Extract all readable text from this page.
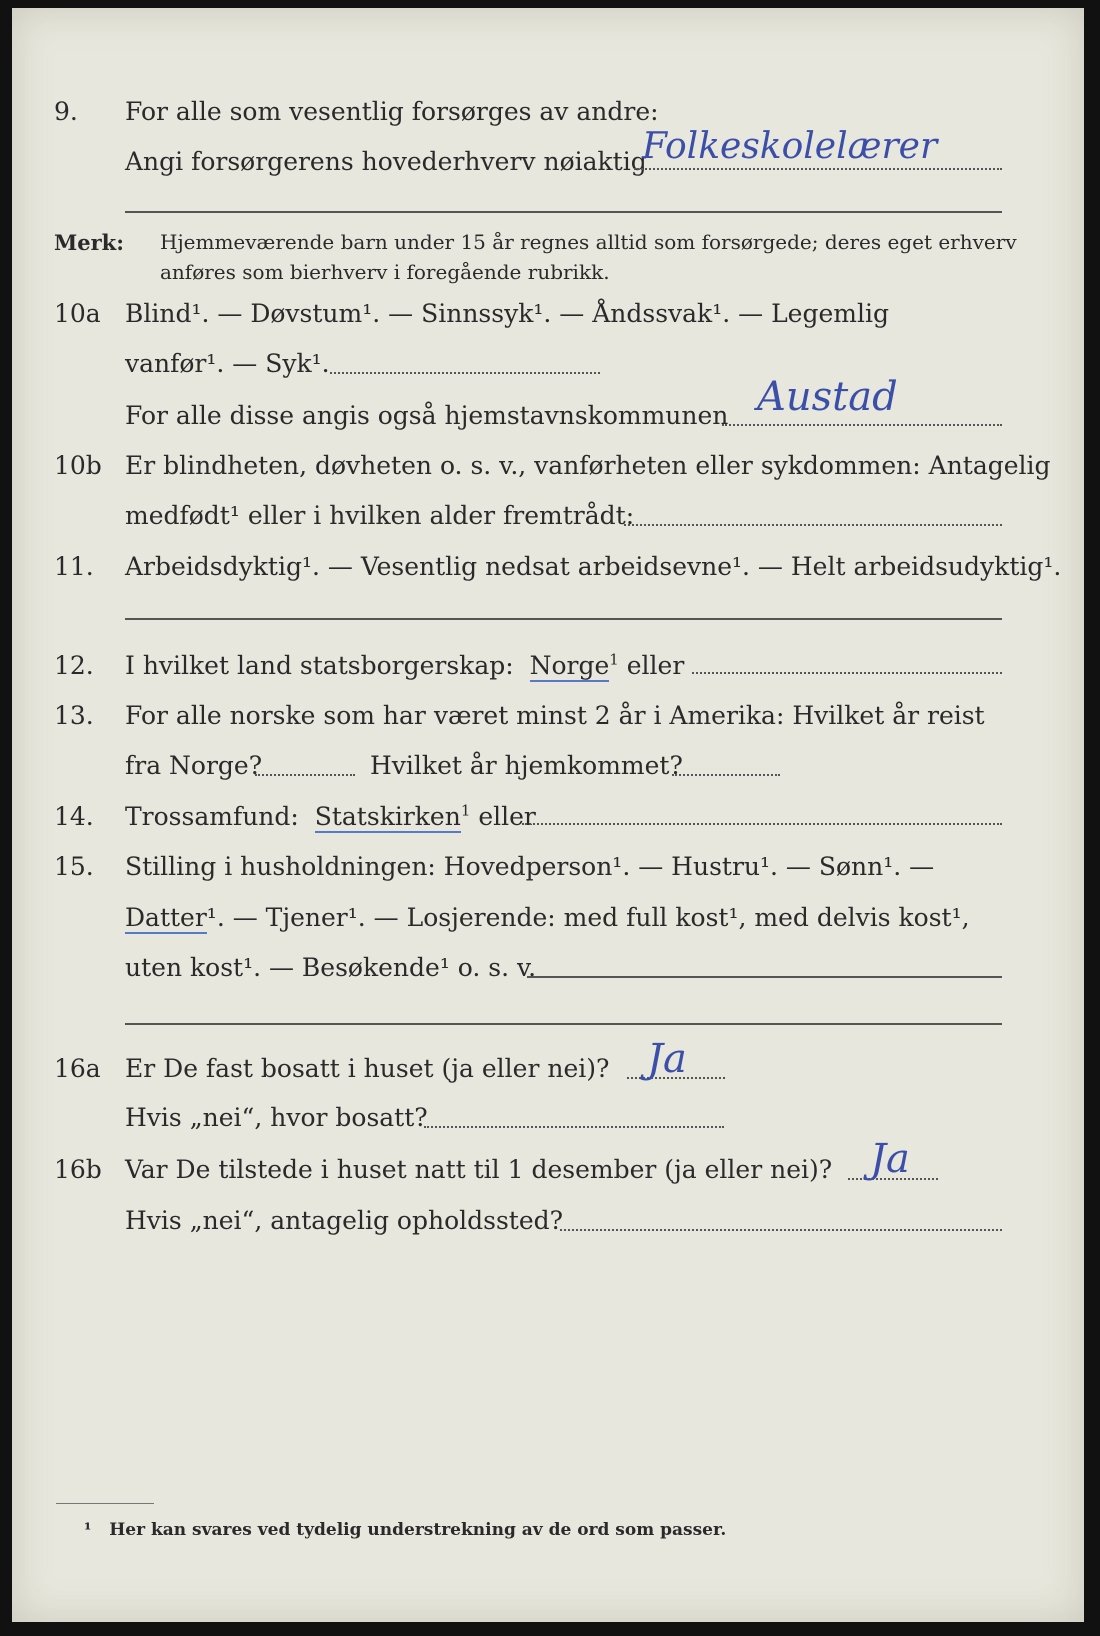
9. For alle som vesentlig forsørges av andre:
Angi forsørgerens hovederhverv nøiaktig
Folkeskolelærer
Merk: Hjemmeværende barn under 15 år regnes alltid som forsørgede; deres eget erhverv
anføres som bierhverv i foregående rubrikk.
10a Blind¹. — Døvstum¹. — Sinnssyk¹. — Åndssvak¹. — Legemlig
vanfør¹. — Syk¹.
For alle disse angis også hjemstavnskommunen Austad
10b Er blindheten, døvheten o. s. v., vanførheten eller sykdommen: Antagelig
medfødt¹ eller i hvilken alder fremtrådt:
11. Arbeidsdyktig¹. — Vesentlig nedsat arbeidsevne¹. — Helt arbeidsudyktig¹.
12. I hvilket land statsborgerskap: Norge$^1$ eller
13. For alle norske som har været minst 2 år i Amerika: Hvilket år reist
fra Norge?	Hvilket år hjemkommet?
14. Trossamfund: Statskirken$^1$ eller
15. Stilling i husholdningen: Hovedperson¹. — Hustru¹. — Sønn¹. —
Datter¹. — Tjener¹. — Losjerende: med full kost¹, med delvis kost¹,
uten kost¹. — Besøkende¹ o. s. v.
16a Er De fast bosatt i huset (ja eller nei)? Ja
Hvis „nei“, hvor bosatt?
16b Var De tilstede i huset natt til 1 desember (ja eller nei)? Ja
Hvis „nei“, antagelig opholdssted?
¹ Her kan svares ved tydelig understrekning av de ord som passer.
